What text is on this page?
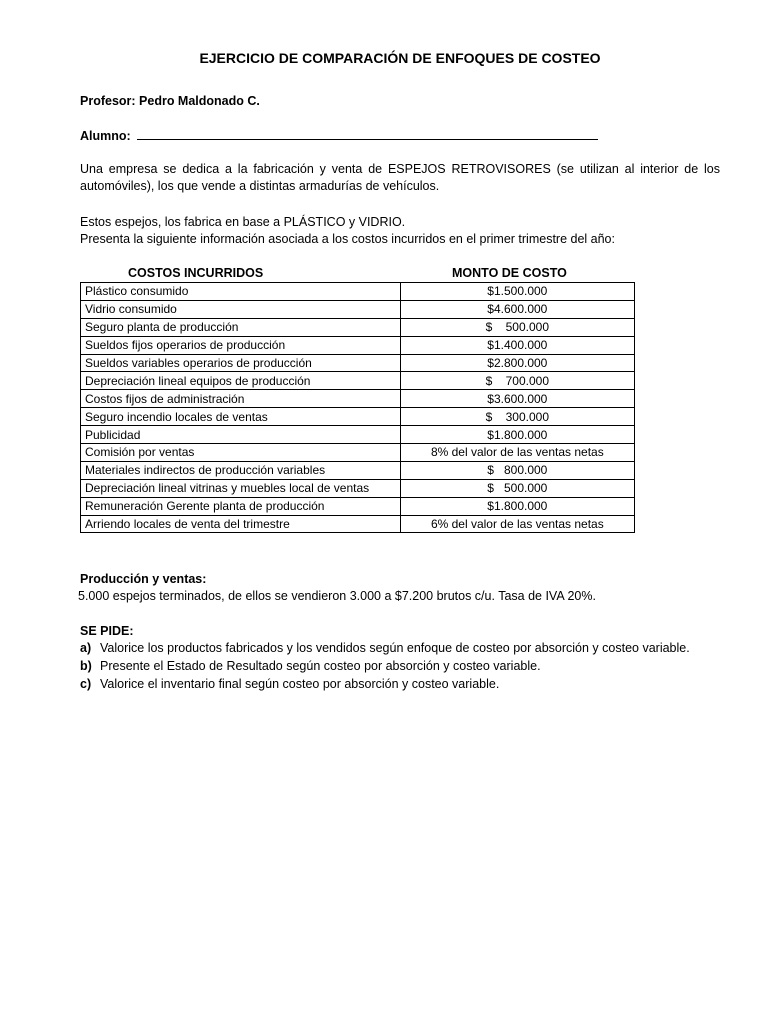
EJERCICIO DE COMPARACIÓN DE ENFOQUES DE COSTEO
Profesor: Pedro Maldonado C.
Alumno:
Una empresa se dedica a la fabricación y venta de ESPEJOS RETROVISORES (se utilizan al interior de los automóviles), los que vende a distintas armadurías de vehículos.
Estos espejos, los fabrica en base a PLÁSTICO y VIDRIO.
Presenta la siguiente información asociada a los costos incurridos en el primer trimestre del año:
COSTOS INCURRIDOS	MONTO DE COSTO
Plástico consumido	$1.500.000
Vidrio consumido	$4.600.000
Seguro planta de producción	$    500.000
Sueldos fijos operarios de producción	$1.400.000
Sueldos variables operarios de producción	$2.800.000
Depreciación lineal equipos de producción	$    700.000
Costos fijos de administración	$3.600.000
Seguro incendio locales de ventas	$    300.000
Publicidad	$1.800.000
Comisión por ventas	8% del valor de las ventas netas
Materiales indirectos de producción variables	$   800.000
Depreciación lineal vitrinas y muebles local de ventas	$   500.000
Remuneración Gerente planta de producción	$1.800.000
Arriendo locales de venta del trimestre	6% del valor de las ventas netas
Producción y ventas:
5.000 espejos terminados, de ellos se vendieron 3.000 a $7.200 brutos c/u. Tasa de IVA 20%.
SE PIDE:
a) Valorice los productos fabricados y los vendidos según enfoque de costeo por absorción y costeo variable.
b) Presente el Estado de Resultado según costeo por absorción y costeo variable.
c) Valorice el inventario final según costeo por absorción y costeo variable.
